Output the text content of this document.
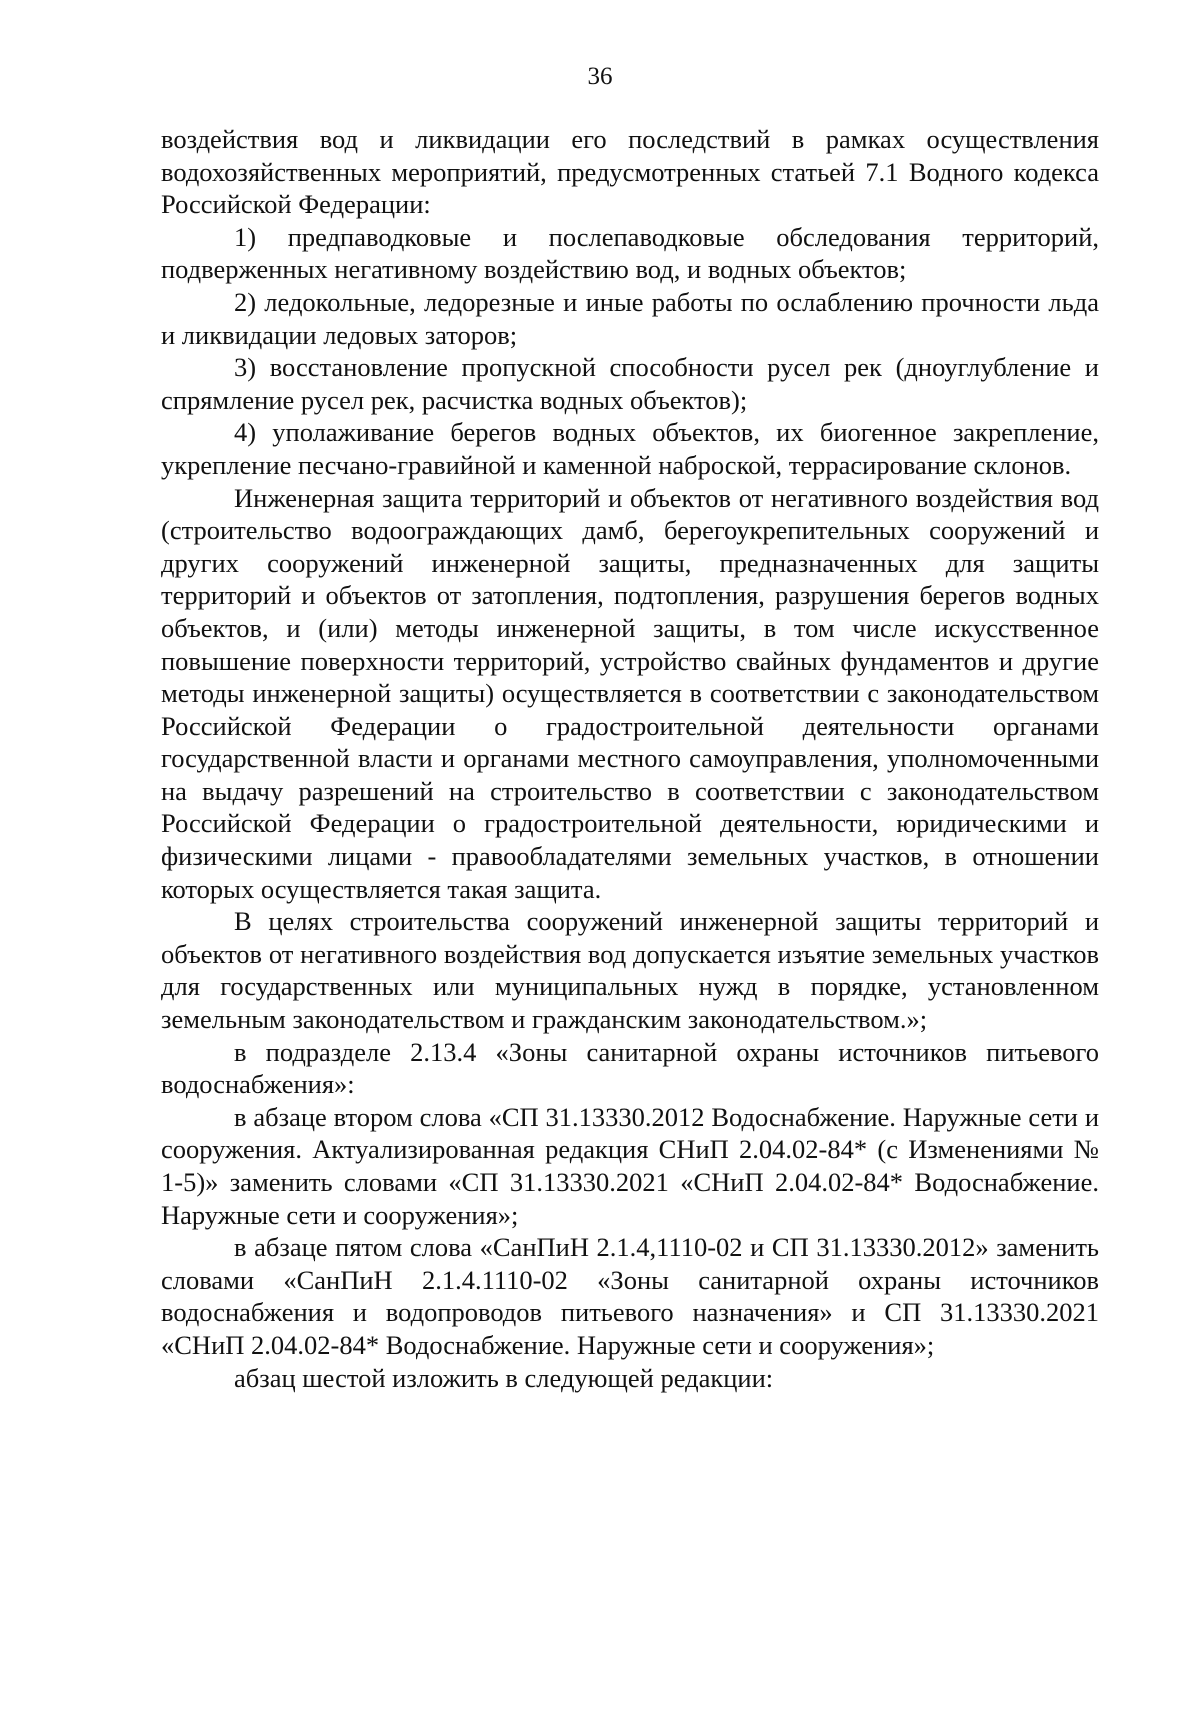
36

воздействия вод и ликвидации его последствий в рамках осуществления водохозяйственных мероприятий, предусмотренных статьей 7.1 Водного кодекса Российской Федерации:

1) предпаводковые и послепаводковые обследования территорий, подверженных негативному воздействию вод, и водных объектов;

2) ледокольные, ледорезные и иные работы по ослаблению прочности льда и ликвидации ледовых заторов;

3) восстановление пропускной способности русел рек (дноуглубление и спрямление русел рек, расчистка водных объектов);

4) уполаживание берегов водных объектов, их биогенное закрепление, укрепление песчано-гравийной и каменной наброской, террасирование склонов.

Инженерная защита территорий и объектов от негативного воздействия вод (строительство водоограждающих дамб, берегоукрепительных сооружений и других сооружений инженерной защиты, предназначенных для защиты территорий и объектов от затопления, подтопления, разрушения берегов водных объектов, и (или) методы инженерной защиты, в том числе искусственное повышение поверхности территорий, устройство свайных фундаментов и другие методы инженерной защиты) осуществляется в соответствии с законодательством Российской Федерации о градостроительной деятельности органами государственной власти и органами местного самоуправления, уполномоченными на выдачу разрешений на строительство в соответствии с законодательством Российской Федерации о градостроительной деятельности, юридическими и физическими лицами - правообладателями земельных участков, в отношении которых осуществляется такая защита.

В целях строительства сооружений инженерной защиты территорий и объектов от негативного воздействия вод допускается изъятие земельных участков для государственных или муниципальных нужд в порядке, установленном земельным законодательством и гражданским законодательством.»;

в подразделе 2.13.4 «Зоны санитарной охраны источников питьевого водоснабжения»:

в абзаце втором слова «СП 31.13330.2012 Водоснабжение. Наружные сети и сооружения. Актуализированная редакция СНиП 2.04.02-84* (с Изменениями № 1-5)» заменить словами «СП 31.13330.2021 «СНиП 2.04.02-84* Водоснабжение. Наружные сети и сооружения»;

в абзаце пятом слова «СанПиН 2.1.4,1110-02 и СП 31.13330.2012» заменить словами «СанПиН 2.1.4.1110-02 «Зоны санитарной охраны источников водоснабжения и водопроводов питьевого назначения» и СП 31.13330.2021 «СНиП 2.04.02-84* Водоснабжение. Наружные сети и сооружения»;

абзац шестой изложить в следующей редакции:
